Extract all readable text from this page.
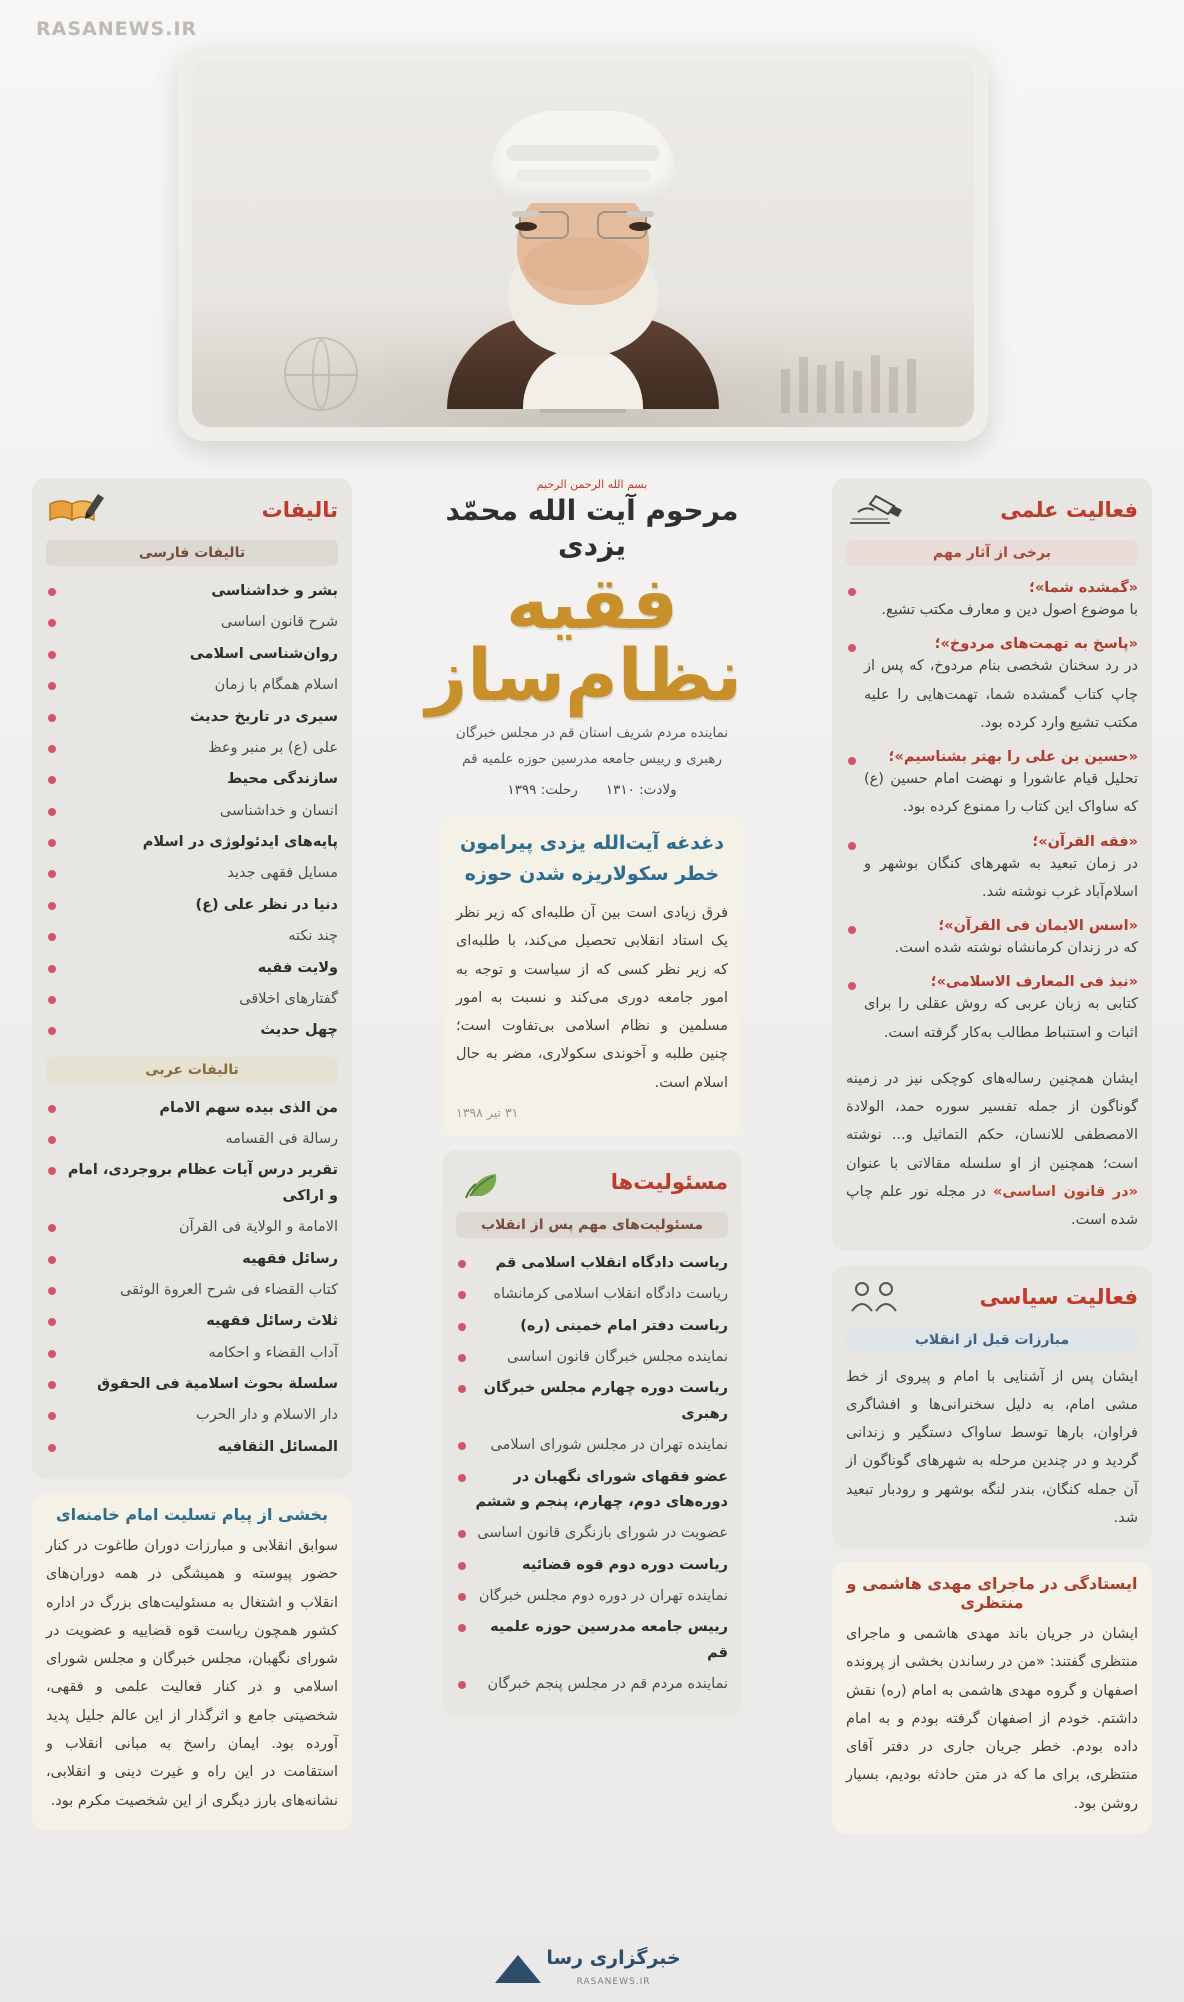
RASANEWS.IR
فعالیت علمی
برخی از آثار مهم
«گمشده شما»؛
با موضوع اصول دین و معارف مکتب تشیع.
«پاسخ به تهمت‌های مردوخ»؛
در رد سخنان شخصی بنام مردوخ، که پس از چاپ کتاب گمشده شما، تهمت‌هایی را علیه مکتب تشیع وارد کرده بود.
«حسین بن علی را بهتر بشناسیم»؛
تحلیل قیام عاشورا و نهضت امام حسین (ع) که ساواک این کتاب را ممنوع کرده بود.
«فقه القرآن»؛
در زمان تبعید به شهرهای کنگان بوشهر و اسلام‌آباد غرب نوشته شد.
«اسس الایمان فی القرآن»؛
که در زندان کرمانشاه نوشته شده است.
«نبذ فی المعارف الاسلامی»؛
کتابی به زبان عربی که روش عقلی را برای اثبات و استنباط مطالب به‌کار گرفته است.
ایشان همچنین رساله‌های کوچکی نیز در زمینه گوناگون از جمله تفسیر سوره حمد، الولادة الامصطفی للانسان، حکم التماثیل و... نوشته است؛ همچنین از او سلسله مقالاتی با عنوان «در قانون اساسی» در مجله نور علم چاپ شده است.
فعالیت سیاسی
مبارزات قبل از انقلاب
ایشان پس از آشنایی با امام و پیروی از خط مشی امام، به دلیل سخنرانی‌ها و افشاگری فراوان، بارها توسط ساواک دستگیر و زندانی گردید و در چندین مرحله به شهرهای گوناگون از آن جمله کنگان، بندر لنگه بوشهر و رودبار تبعید شد.
ایستادگی در ماجرای مهدی هاشمی و منتظری
ایشان در جریان باند مهدی هاشمی و ماجرای منتظری گفتند: «من در رساندن بخشی از پرونده اصفهان و گروه مهدی هاشمی به امام (ره) نقش داشتم. خودم از اصفهان گرفته بودم و به امام داده بودم. خطر جریان جاری در دفتر آقای منتظری، برای ما که در متن حادثه بودیم، بسیار روشن بود.
بسم الله الرحمن الرحیم
مرحوم آیت الله محمّد یزدی
فقیه نظام‌ساز
نماینده مردم شریف استان قم در مجلس خبرگان رهبری و رییس جامعه مدرسین حوزه علمیه قم
ولادت: ۱۳۱۰
رحلت: ۱۳۹۹
دغدغه آیت‌الله یزدی پیرامون خطر سکولاریزه شدن حوزه
فرق زیادی است بین آن طلبه‌ای که زیر نظر یک استاد انقلابی تحصیل می‌کند، با طلبه‌ای که زیر نظر کسی که از سیاست و توجه به امور جامعه دوری می‌کند و نسبت به امور مسلمین و نظام اسلامی بی‌تفاوت است؛ چنین طلبه و آخوندی سکولاری، مضر به حال اسلام است.
۳۱ تیر ۱۳۹۸
مسئولیت‌ها
مسئولیت‌های مهم پس از انقلاب
ریاست دادگاه انقلاب اسلامی قم
ریاست دادگاه انقلاب اسلامی کرمانشاه
ریاست دفتر امام خمینی (ره)
نماینده مجلس خبرگان قانون اساسی
ریاست دوره چهارم مجلس خبرگان رهبری
نماینده تهران در مجلس شورای اسلامی
عضو فقهای شورای نگهبان در دوره‌های دوم، چهارم، پنجم و ششم
عضویت در شورای بازنگری قانون اساسی
ریاست دوره دوم قوه قضائیه
نماینده تهران در دوره دوم مجلس خبرگان
رییس جامعه مدرسین حوزه علمیه قم
نماینده مردم قم در مجلس پنجم خبرگان
تالیفات
تالیفات فارسی
بشر و خداشناسی
شرح قانون اساسی
روان‌شناسی اسلامی
اسلام همگام با زمان
سیری در تاریخ حدیث
علی (ع) بر منبر وعظ
سازندگی محیط
انسان و خداشناسی
پایه‌های ایدئولوژی در اسلام
مسایل فقهی جدید
دنیا در نظر علی (ع)
چند نکته
ولایت فقیه
گفتارهای اخلاقی
چهل حدیث
تالیفات عربی
من الذی بیده سهم الامام
رسالة فی القسامه
تقریر درس آیات عظام بروجردی، امام و اراکی
الامامة و الولایة فی القرآن
رسائل فقهیه
کتاب القضاء فی شرح العروة الوثقی
ثلاث رسائل فقهیه
آداب القضاء و احکامه
سلسلة بحوث اسلامیة فی الحقوق
دار الاسلام و دار الحرب
المسائل الثقافیه
بخشی از پیام تسلیت امام خامنه‌ای
سوابق انقلابی و مبارزات دوران طاغوت در کنار حضور پیوسته و همیشگی در همه دوران‌های انقلاب و اشتغال به مسئولیت‌های بزرگ در اداره کشور همچون ریاست قوه قضاییه و عضویت در شورای نگهبان، مجلس خبرگان و مجلس شورای اسلامی و در کنار فعالیت علمی و فقهی، شخصیتی جامع و اثرگذار از این عالم جلیل پدید آورده بود. ایمان راسخ به مبانی انقلاب و استقامت در این راه و غیرت دینی و انقلابی، نشانه‌های بارز دیگری از این شخصیت مکرم بود.
خبرگزاری رسا
RASANEWS.IR
